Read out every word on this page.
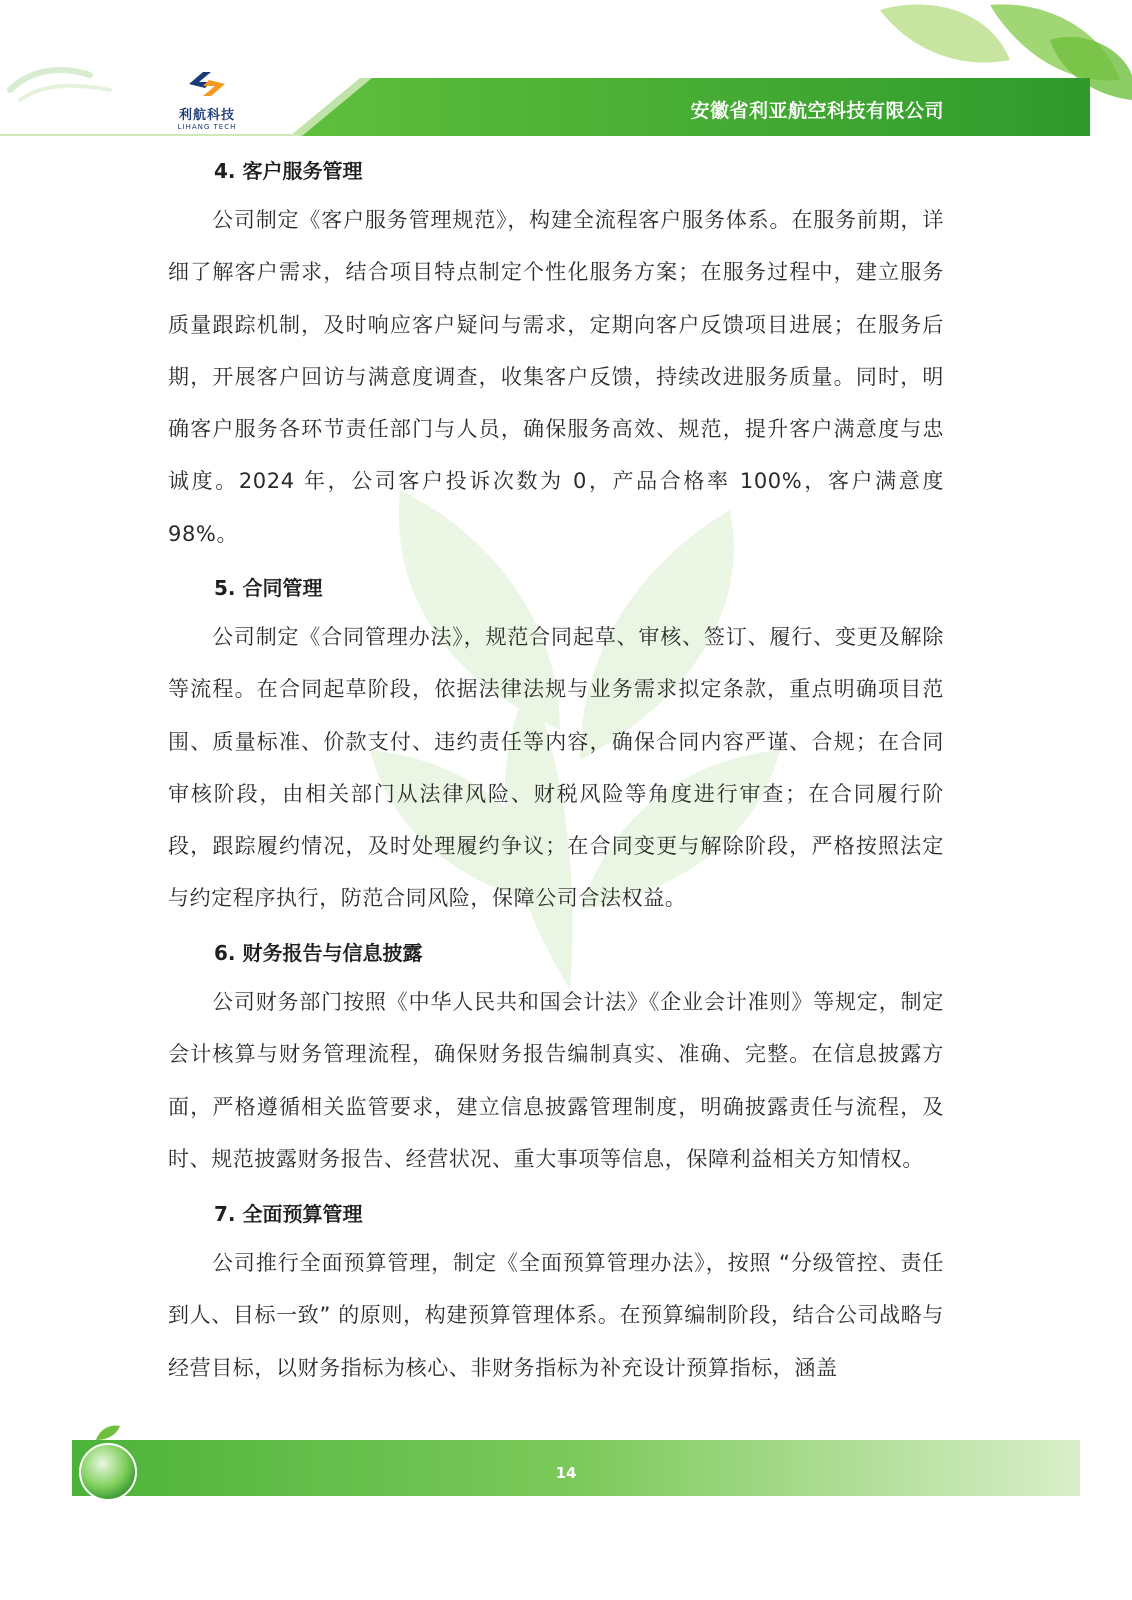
利航科技
LIHANG TECH
安徽省利亚航空科技有限公司
4. 客户服务管理
公司制定《客户服务管理规范》，构建全流程客户服务体系。在服务前期，详细了解客户需求，结合项目特点制定个性化服务方案；在服务过程中，建立服务质量跟踪机制，及时响应客户疑问与需求，定期向客户反馈项目进展；在服务后期，开展客户回访与满意度调查，收集客户反馈，持续改进服务质量。同时，明确客户服务各环节责任部门与人员，确保服务高效、规范，提升客户满意度与忠诚度。2024 年，公司客户投诉次数为 0，产品合格率 100%，客户满意度 98%。
5. 合同管理
公司制定《合同管理办法》，规范合同起草、审核、签订、履行、变更及解除等流程。在合同起草阶段，依据法律法规与业务需求拟定条款，重点明确项目范围、质量标准、价款支付、违约责任等内容，确保合同内容严谨、合规；在合同审核阶段，由相关部门从法律风险、财税风险等角度进行审查；在合同履行阶段，跟踪履约情况，及时处理履约争议；在合同变更与解除阶段，严格按照法定与约定程序执行，防范合同风险，保障公司合法权益。
6. 财务报告与信息披露
公司财务部门按照《中华人民共和国会计法》《企业会计准则》等规定，制定会计核算与财务管理流程，确保财务报告编制真实、准确、完整。在信息披露方面，严格遵循相关监管要求，建立信息披露管理制度，明确披露责任与流程，及时、规范披露财务报告、经营状况、重大事项等信息，保障利益相关方知情权。
7. 全面预算管理
公司推行全面预算管理，制定《全面预算管理办法》，按照 “分级管控、责任到人、目标一致” 的原则，构建预算管理体系。在预算编制阶段，结合公司战略与经营目标，以财务指标为核心、非财务指标为补充设计预算指标，涵盖
14
